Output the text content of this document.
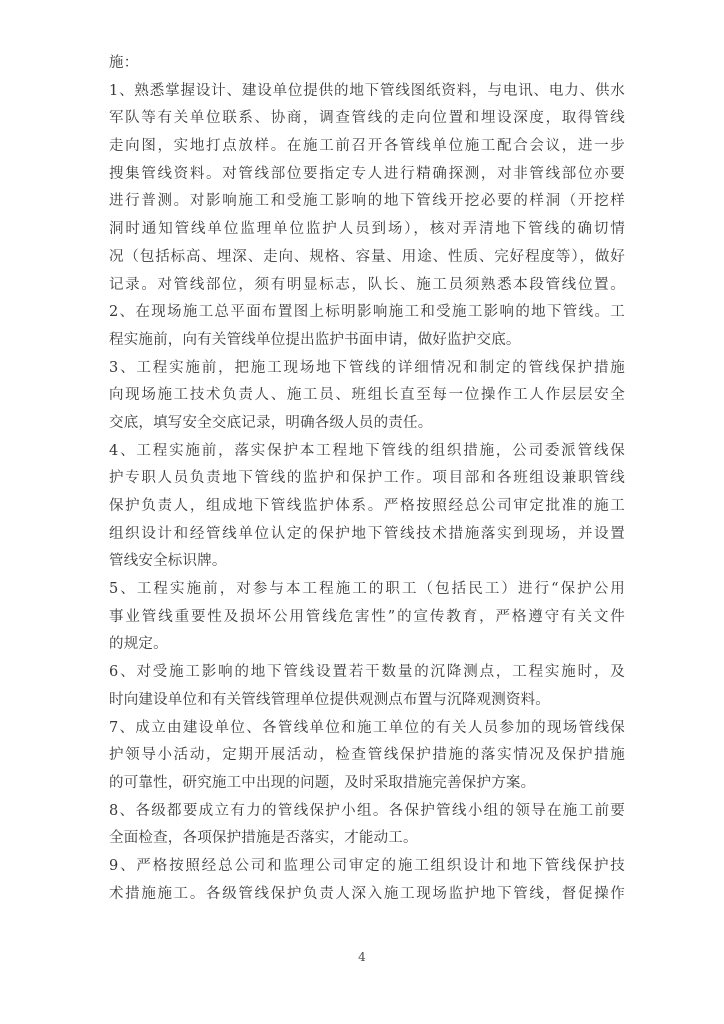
施：
1、熟悉掌握设计、建设单位提供的地下管线图纸资料，与电讯、电力、供水
军队等有关单位联系、协商，调查管线的走向位置和埋设深度，取得管线
走向图，实地打点放样。在施工前召开各管线单位施工配合会议，进一步
搜集管线资料。对管线部位要指定专人进行精确探测，对非管线部位亦要
进行普测。对影响施工和受施工影响的地下管线开挖必要的样洞（开挖样
洞时通知管线单位监理单位监护人员到场），核对弄清地下管线的确切情
况（包括标高、埋深、走向、规格、容量、用途、性质、完好程度等），做好
记录。对管线部位，须有明显标志，队长、施工员须熟悉本段管线位置。
2、在现场施工总平面布置图上标明影响施工和受施工影响的地下管线。工
程实施前，向有关管线单位提出监护书面申请，做好监护交底。
3、工程实施前，把施工现场地下管线的详细情况和制定的管线保护措施
向现场施工技术负责人、施工员、班组长直至每一位操作工人作层层安全
交底，填写安全交底记录，明确各级人员的责任。
4、工程实施前，落实保护本工程地下管线的组织措施，公司委派管线保
护专职人员负责地下管线的监护和保护工作。项目部和各班组设兼职管线
保护负责人，组成地下管线监护体系。严格按照经总公司审定批准的施工
组织设计和经管线单位认定的保护地下管线技术措施落实到现场，并设置
管线安全标识牌。
5、工程实施前，对参与本工程施工的职工（包括民工）进行“保护公用
事业管线重要性及损坏公用管线危害性”的宣传教育，严格遵守有关文件
的规定。
6、对受施工影响的地下管线设置若干数量的沉降测点，工程实施时，及
时向建设单位和有关管线管理单位提供观测点布置与沉降观测资料。
7、成立由建设单位、各管线单位和施工单位的有关人员参加的现场管线保
护领导小活动，定期开展活动，检查管线保护措施的落实情况及保护措施
的可靠性，研究施工中出现的问题，及时采取措施完善保护方案。
8、各级都要成立有力的管线保护小组。各保护管线小组的领导在施工前要
全面检查，各项保护措施是否落实，才能动工。
9、严格按照经总公司和监理公司审定的施工组织设计和地下管线保护技
术措施施工。各级管线保护负责人深入施工现场监护地下管线，督促操作
4
